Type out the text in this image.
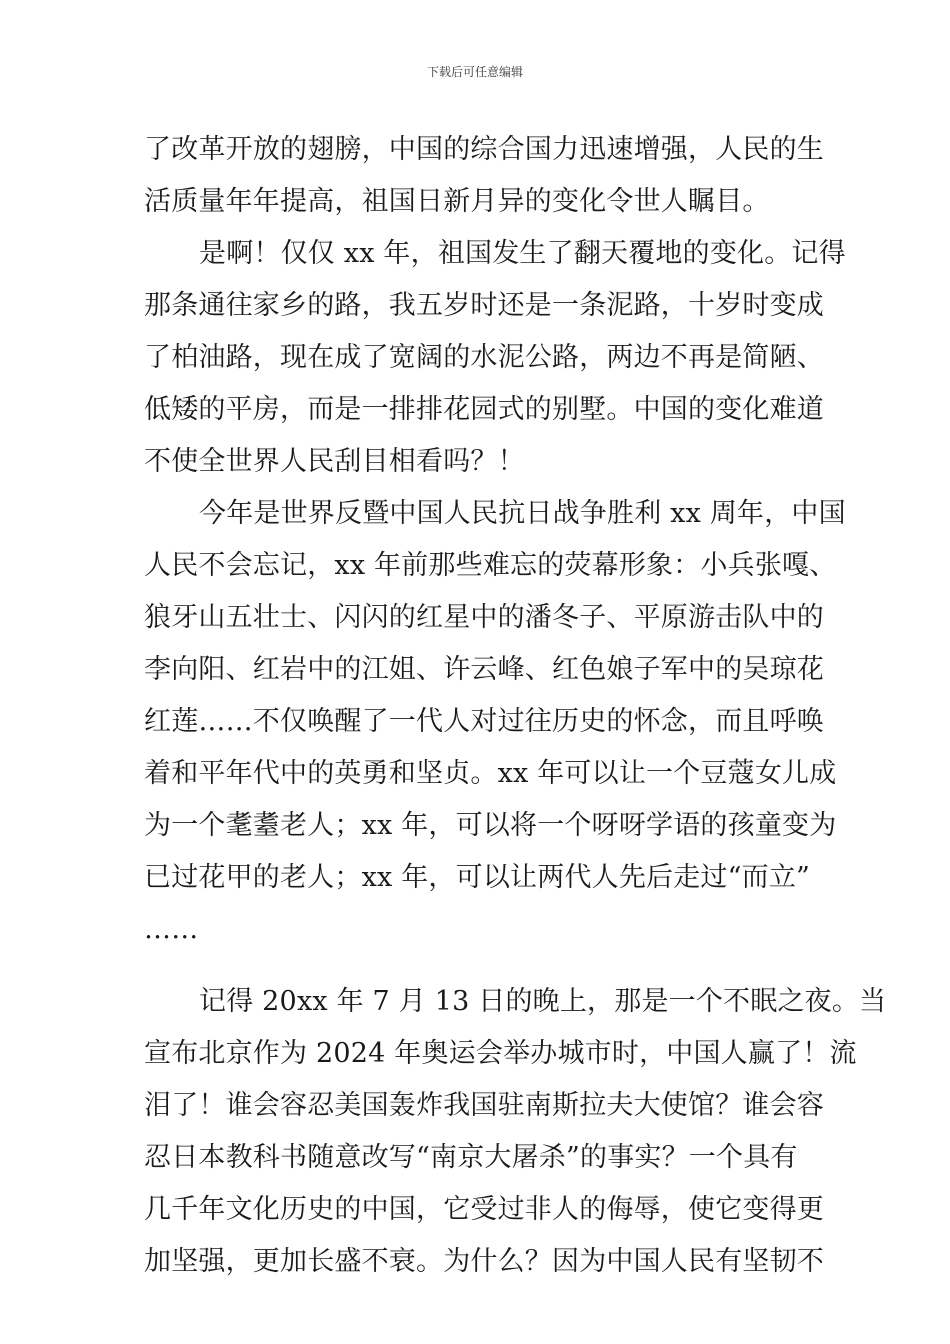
下载后可任意编辑
了改革开放的翅膀，中国的综合国力迅速增强，人民的生
活质量年年提高，祖国日新月异的变化令世人瞩目。
是啊！仅仅 xx 年，祖国发生了翻天覆地的变化。记得
那条通往家乡的路，我五岁时还是一条泥路，十岁时变成
了柏油路，现在成了宽阔的水泥公路，两边不再是简陋、
低矮的平房，而是一排排花园式的别墅。中国的变化难道
不使全世界人民刮目相看吗？！
今年是世界反暨中国人民抗日战争胜利 xx 周年，中国
人民不会忘记，xx 年前那些难忘的荧幕形象：小兵张嘎、
狼牙山五壮士、闪闪的红星中的潘冬子、平原游击队中的
李向阳、红岩中的江姐、许云峰、红色娘子军中的吴琼花
红莲……不仅唤醒了一代人对过往历史的怀念，而且呼唤
着和平年代中的英勇和坚贞。xx 年可以让一个豆蔻女儿成
为一个耄耋老人；xx 年，可以将一个呀呀学语的孩童变为
已过花甲的老人；xx 年，可以让两代人先后走过“而立”
……
记得 20xx 年 7 月 13 日的晚上，那是一个不眠之夜。当
宣布北京作为 2024 年奥运会举办城市时，中国人赢了！流
泪了！谁会容忍美国轰炸我国驻南斯拉夫大使馆？谁会容
忍日本教科书随意改写“南京大屠杀”的事实？一个具有
几千年文化历史的中国，它受过非人的侮辱，使它变得更
加坚强，更加长盛不衰。为什么？因为中国人民有坚韧不
